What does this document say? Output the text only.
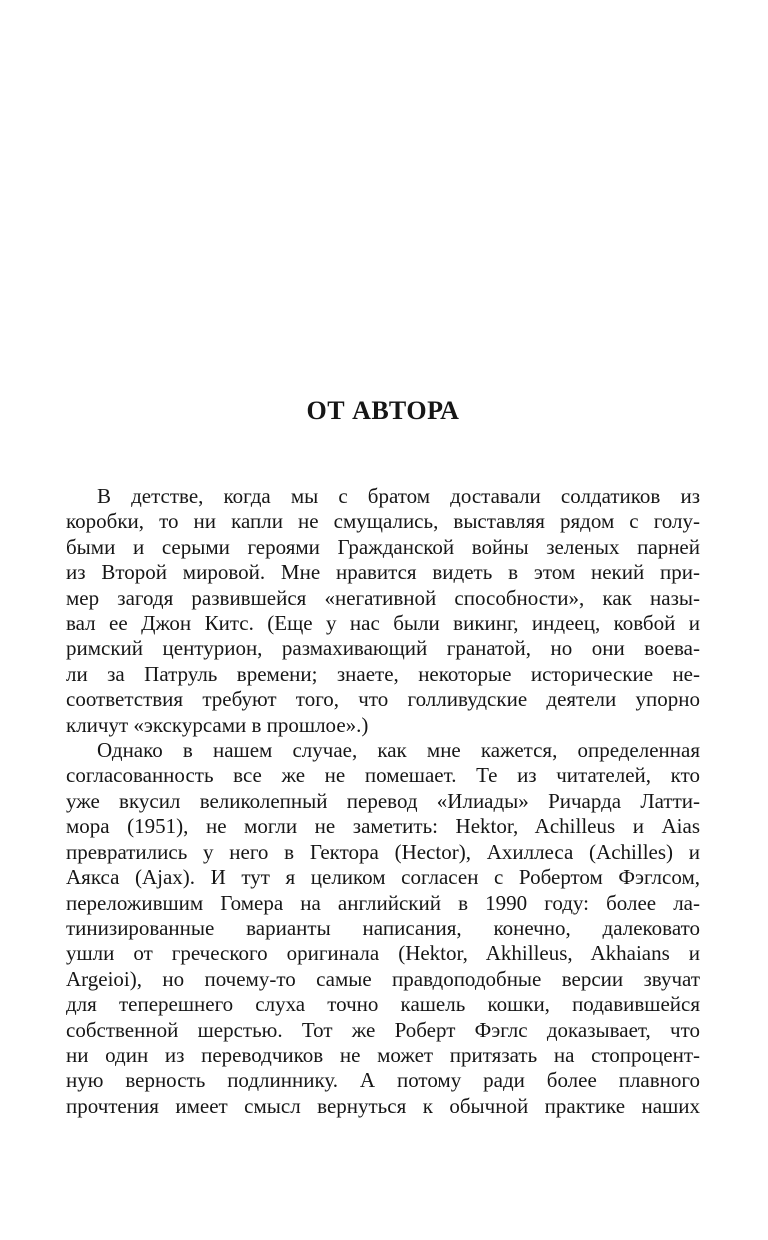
ОТ АВТОРА
В детстве, когда мы с братом доставали солдатиков из
коробки, то ни капли не смущались, выставляя рядом с голу-
быми и серыми героями Гражданской войны зеленых парней
из Второй мировой. Мне нравится видеть в этом некий при-
мер загодя развившейся «негативной способности», как назы-
вал ее Джон Китс. (Еще у нас были викинг, индеец, ковбой и
римский центурион, размахивающий гранатой, но они воева-
ли за Патруль времени; знаете, некоторые исторические не-
соответствия требуют того, что голливудские деятели упорно
кличут «экскурсами в прошлое».)
Однако в нашем случае, как мне кажется, определенная
согласованность все же не помешает. Те из читателей, кто
уже вкусил великолепный перевод «Илиады» Ричарда Латти-
мора (1951), не могли не заметить: Hektor, Achilleus и Aias
превратились у него в Гектора (Hector), Ахиллеса (Achilles) и
Аякса (Ajax). И тут я целиком согласен с Робертом Фэглсом,
переложившим Гомера на английский в 1990 году: более ла-
тинизированные варианты написания, конечно, далековато
ушли от греческого оригинала (Hektor, Akhilleus, Akhaians и
Argeioi), но почему-то самые правдоподобные версии звучат
для теперешнего слуха точно кашель кошки, подавившейся
собственной шерстью. Тот же Роберт Фэглс доказывает, что
ни один из переводчиков не может притязать на стопроцент-
ную верность подлиннику. А потому ради более плавного
прочтения имеет смысл вернуться к обычной практике наших
